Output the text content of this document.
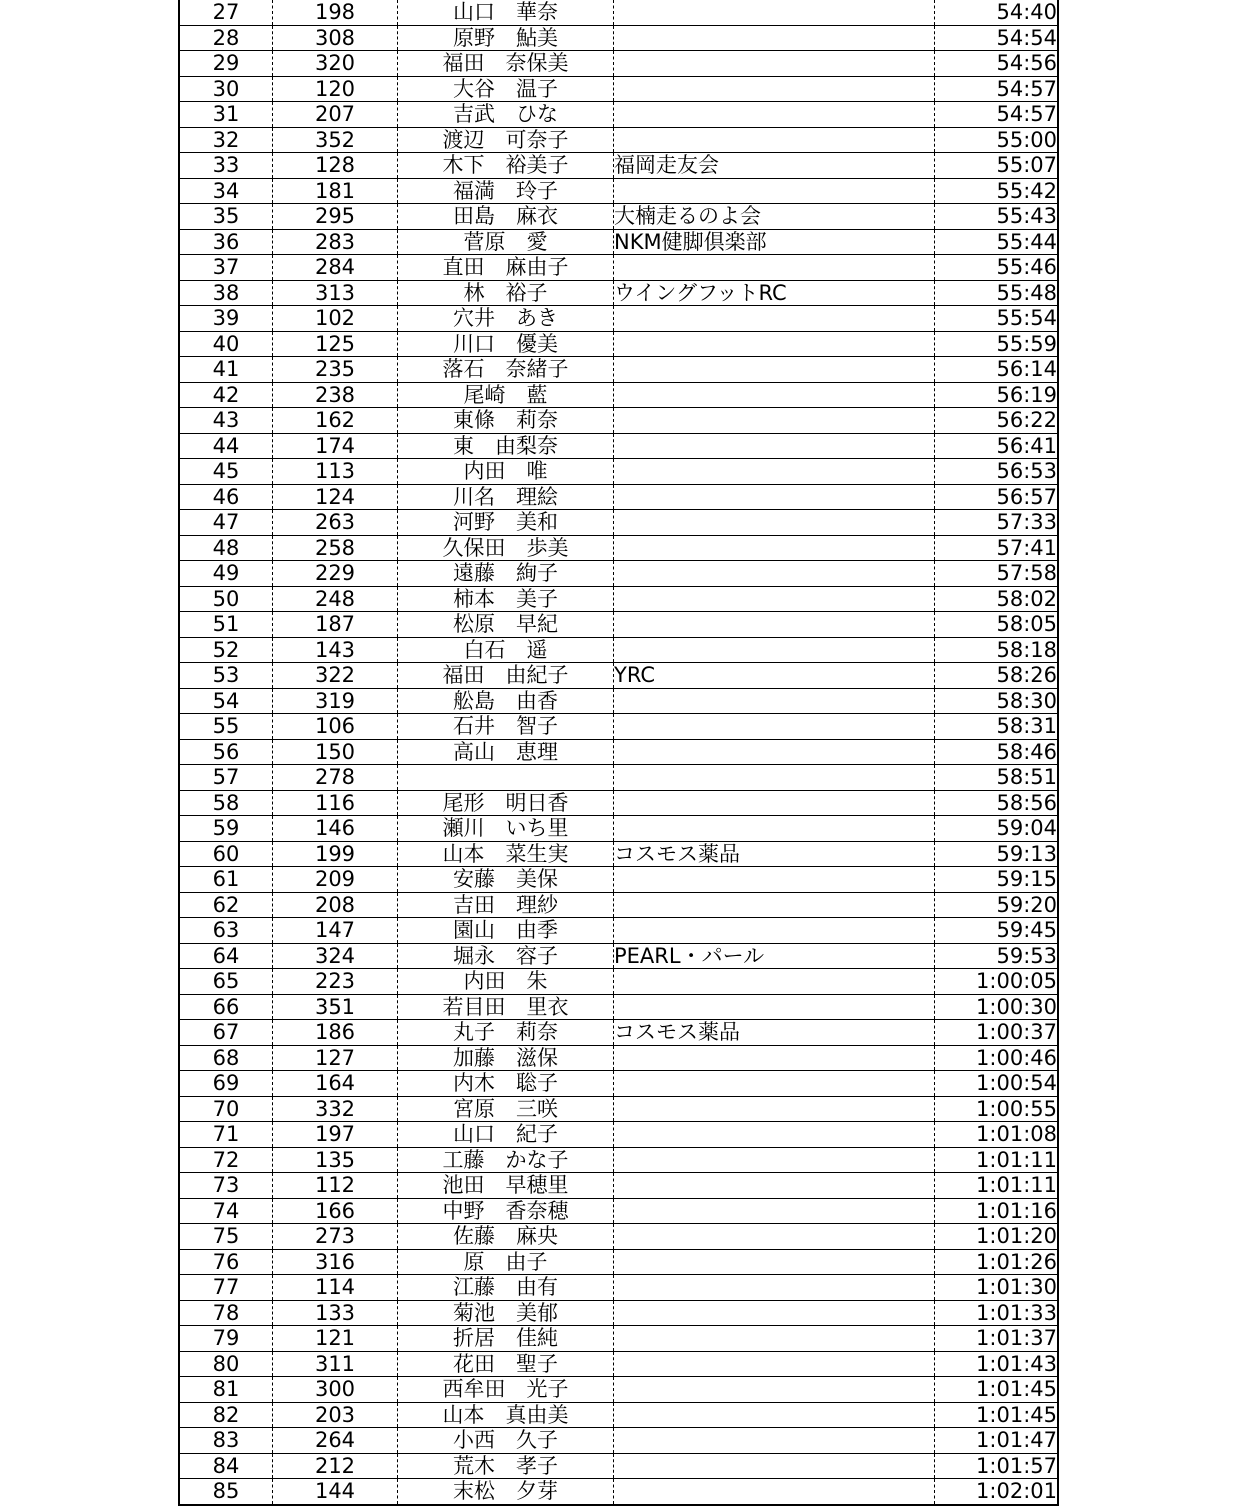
27	198	山口　華奈		54:40
28	308	原野　鮎美		54:54
29	320	福田　奈保美		54:56
30	120	大谷　温子		54:57
31	207	吉武　ひな		54:57
32	352	渡辺　可奈子		55:00
33	128	木下　裕美子	福岡走友会	55:07
34	181	福満　玲子		55:42
35	295	田島　麻衣	大楠走るのよ会	55:43
36	283	菅原　愛	NKM健脚倶楽部	55:44
37	284	直田　麻由子		55:46
38	313	林　裕子	ウイングフットRC	55:48
39	102	穴井　あき		55:54
40	125	川口　優美		55:59
41	235	落石　奈緒子		56:14
42	238	尾崎　藍		56:19
43	162	東條　莉奈		56:22
44	174	東　由梨奈		56:41
45	113	内田　唯		56:53
46	124	川名　理絵		56:57
47	263	河野　美和		57:33
48	258	久保田　歩美		57:41
49	229	遠藤　絢子		57:58
50	248	柿本　美子		58:02
51	187	松原　早紀		58:05
52	143	白石　遥		58:18
53	322	福田　由紀子	YRC	58:26
54	319	舩島　由香		58:30
55	106	石井　智子		58:31
56	150	高山　恵理		58:46
57	278			58:51
58	116	尾形　明日香		58:56
59	146	瀬川　いち里		59:04
60	199	山本　菜生実	コスモス薬品	59:13
61	209	安藤　美保		59:15
62	208	吉田　理紗		59:20
63	147	園山　由季		59:45
64	324	堀永　容子	PEARL・パール	59:53
65	223	内田　朱		1:00:05
66	351	若目田　里衣		1:00:30
67	186	丸子　莉奈	コスモス薬品	1:00:37
68	127	加藤　滋保		1:00:46
69	164	内木　聡子		1:00:54
70	332	宮原　三咲		1:00:55
71	197	山口　紀子		1:01:08
72	135	工藤　かな子		1:01:11
73	112	池田　早穂里		1:01:11
74	166	中野　香奈穂		1:01:16
75	273	佐藤　麻央		1:01:20
76	316	原　由子		1:01:26
77	114	江藤　由有		1:01:30
78	133	菊池　美郁		1:01:33
79	121	折居　佳純		1:01:37
80	311	花田　聖子		1:01:43
81	300	西牟田　光子		1:01:45
82	203	山本　真由美		1:01:45
83	264	小西　久子		1:01:47
84	212	荒木　孝子		1:01:57
85	144	末松　夕芽		1:02:01
